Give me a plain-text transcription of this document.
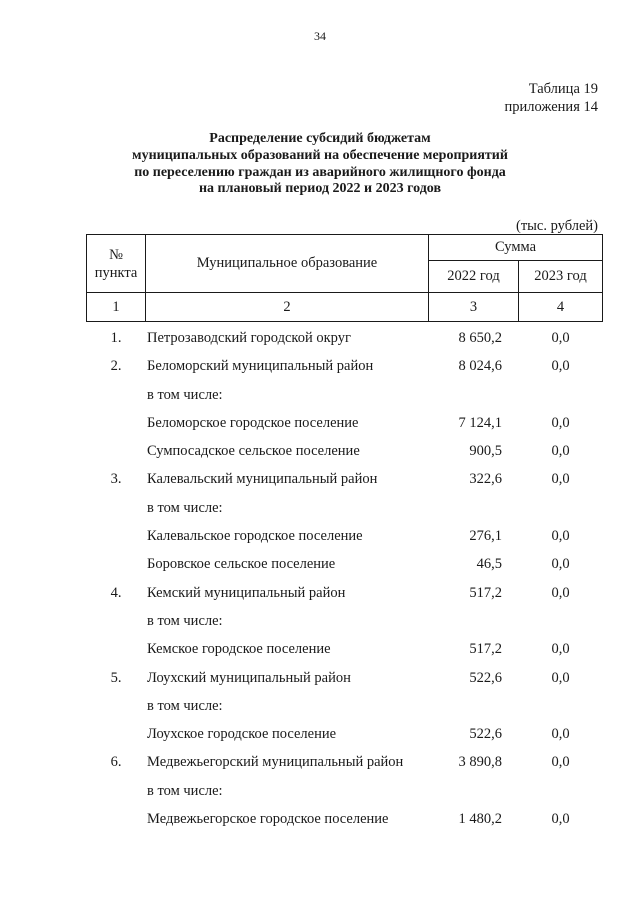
34
Таблица 19
приложения 14
Распределение субсидий бюджетам
муниципальных образований на обеспечение мероприятий
по переселению граждан из аварийного жилищного фонда
на плановый период 2022 и 2023 годов
(тыс. рублей)
№
пункта	Муниципальное образование	Сумма	
		2022 год	2023 год
1	2	3	4
1.	Петрозаводский городской округ	8 650,2	0,0
2.	Беломорский муниципальный район	8 024,6	0,0
в том числе:
Беломорское городское поселение	7 124,1	0,0
Сумпосадское сельское поселение	900,5	0,0
3.	Калевальский муниципальный район	322,6	0,0
в том числе:
Калевальское городское поселение	276,1	0,0
Боровское сельское поселение	46,5	0,0
4.	Кемский муниципальный район	517,2	0,0
в том числе:
Кемское городское поселение	517,2	0,0
5.	Лоухский муниципальный район	522,6	0,0
в том числе:
Лоухское городское поселение	522,6	0,0
6.	Медвежьегорский муниципальный район	3 890,8	0,0
в том числе:
Медвежьегорское городское поселение	1 480,2	0,0
